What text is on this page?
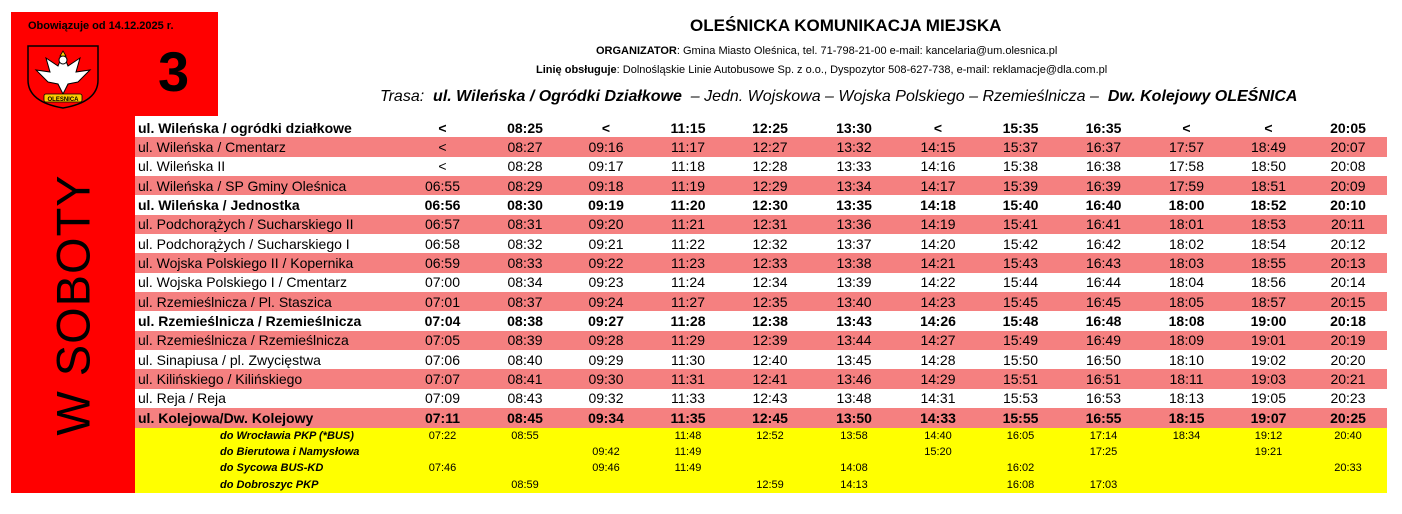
Obowiązuje od 14.12.2025 r.
OLESNICA 3
W SOBOTY
OLEŚNICKA KOMUNIKACJA MIEJSKA
ORGANIZATOR: Gmina Miasto Oleśnica, tel. 71-798-21-00 e-mail: kancelaria@um.olesnica.pl
Linię obsługuje: Dolnośląskie Linie Autobusowe Sp. z o.o., Dyspozytor 508-627-738, e-mail: reklamacje@dla.com.pl
Trasa: ul. Wileńska / Ogródki Działkowe – Jedn. Wojskowa – Wojska Polskiego – Rzemieślnicza – Dw. Kolejowy OLEŚNICA
ul. Wileńska / ogródki działkowe	<	08:25	<	11:15	12:25	13:30	<	15:35	16:35	<	<	20:05
ul. Wileńska / Cmentarz	<	08:27	09:16	11:17	12:27	13:32	14:15	15:37	16:37	17:57	18:49	20:07
ul. Wileńska II	<	08:28	09:17	11:18	12:28	13:33	14:16	15:38	16:38	17:58	18:50	20:08
ul. Wileńska / SP Gminy Oleśnica	06:55	08:29	09:18	11:19	12:29	13:34	14:17	15:39	16:39	17:59	18:51	20:09
ul. Wileńska / Jednostka	06:56	08:30	09:19	11:20	12:30	13:35	14:18	15:40	16:40	18:00	18:52	20:10
ul. Podchorążych / Sucharskiego II	06:57	08:31	09:20	11:21	12:31	13:36	14:19	15:41	16:41	18:01	18:53	20:11
ul. Podchorążych / Sucharskiego I	06:58	08:32	09:21	11:22	12:32	13:37	14:20	15:42	16:42	18:02	18:54	20:12
ul. Wojska Polskiego II / Kopernika	06:59	08:33	09:22	11:23	12:33	13:38	14:21	15:43	16:43	18:03	18:55	20:13
ul. Wojska Polskiego I / Cmentarz	07:00	08:34	09:23	11:24	12:34	13:39	14:22	15:44	16:44	18:04	18:56	20:14
ul. Rzemieślnicza / Pl. Staszica	07:01	08:37	09:24	11:27	12:35	13:40	14:23	15:45	16:45	18:05	18:57	20:15
ul. Rzemieślnicza / Rzemieślnicza	07:04	08:38	09:27	11:28	12:38	13:43	14:26	15:48	16:48	18:08	19:00	20:18
ul. Rzemieślnicza / Rzemieślnicza	07:05	08:39	09:28	11:29	12:39	13:44	14:27	15:49	16:49	18:09	19:01	20:19
ul. Sinapiusa / pl. Zwycięstwa	07:06	08:40	09:29	11:30	12:40	13:45	14:28	15:50	16:50	18:10	19:02	20:20
ul. Kilińskiego / Kilińskiego	07:07	08:41	09:30	11:31	12:41	13:46	14:29	15:51	16:51	18:11	19:03	20:21
ul. Reja / Reja	07:09	08:43	09:32	11:33	12:43	13:48	14:31	15:53	16:53	18:13	19:05	20:23
ul. Kolejowa/Dw. Kolejowy	07:11	08:45	09:34	11:35	12:45	13:50	14:33	15:55	16:55	18:15	19:07	20:25
do Wrocławia PKP (*BUS)	07:22	08:55		11:48	12:52	13:58	14:40	16:05	17:14	18:34	19:12	20:40
do Bierutowa i Namysłowa			09:42	11:49			15:20		17:25		19:21	
do Sycowa BUS-KD	07:46		09:46	11:49		14:08		16:02				20:33
do Dobroszyc PKP		08:59			12:59	14:13		16:08	17:03			
